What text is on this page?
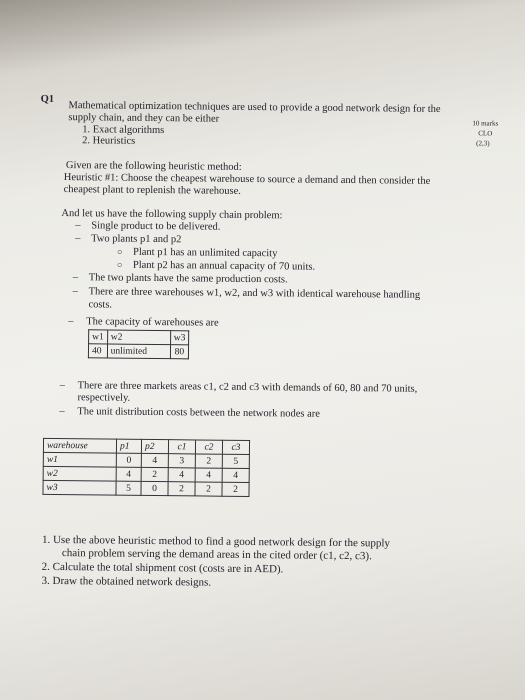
Q1
Mathematical optimization techniques are used to provide a good network design for the
supply chain, and they can be either	10 marks
CLO
(2,3)
1. Exact algorithms
2. Heuristics
Given are the following heuristic method:
Heuristic #1: Choose the cheapest warehouse to source a demand and then consider the
cheapest plant to replenish the warehouse.
And let us have the following supply chain problem:
– Single product to be delivered.
– Two plants p1 and p2
○ Plant p1 has an unlimited capacity
○ Plant p2 has an annual capacity of 70 units.
– The two plants have the same production costs.
– There are three warehouses w1, w2, and w3 with identical warehouse handling
costs.
– The capacity of warehouses are
w1	w2	w3
40	unlimited	80
– There are three markets areas c1, c2 and c3 with demands of 60, 80 and 70 units,
respectively.
– The unit distribution costs between the network nodes are
warehouse	p1	p2	c1	c2	c3
w1	0	4	3	2	5
w2	4	2	4	4	4
w3	5	0	2	2	2
1. Use the above heuristic method to find a good network design for the supply
chain problem serving the demand areas in the cited order (c1, c2, c3).
2. Calculate the total shipment cost (costs are in AED).
3. Draw the obtained network designs.
